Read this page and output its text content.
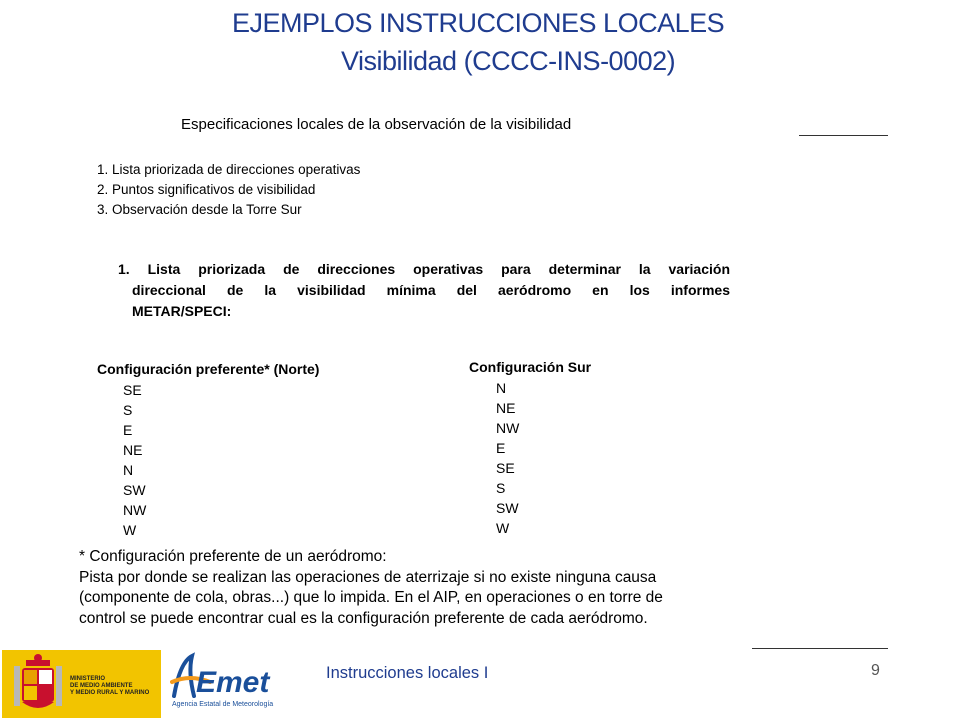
EJEMPLOS INSTRUCCIONES LOCALES
Visibilidad (CCCC-INS-0002)
Especificaciones locales de la observación de la visibilidad
1. Lista priorizada de direcciones operativas
2. Puntos significativos de visibilidad
3. Observación desde la Torre Sur
1. Lista priorizada de direcciones operativas para determinar la variación
direccional de la visibilidad mínima del aeródromo en los informes
METAR/SPECI:
Configuración preferente* (Norte)
SE
S
E
NE
N
SW
NW
W
Configuración Sur
N
NE
NW
E
SE
S
SW
W
* Configuración preferente de un aeródromo:
Pista por donde se realizan las operaciones de aterrizaje si no existe ninguna causa
(componente de cola, obras...) que lo impida. En el AIP, en operaciones o en torre de
control se puede encontrar cual es la configuración preferente de cada aeródromo.
MINISTERIO
DE MEDIO AMBIENTE
Y MEDIO RURAL Y MARINO Emet
Agencia Estatal de Meteorología
Instrucciones locales I	9
